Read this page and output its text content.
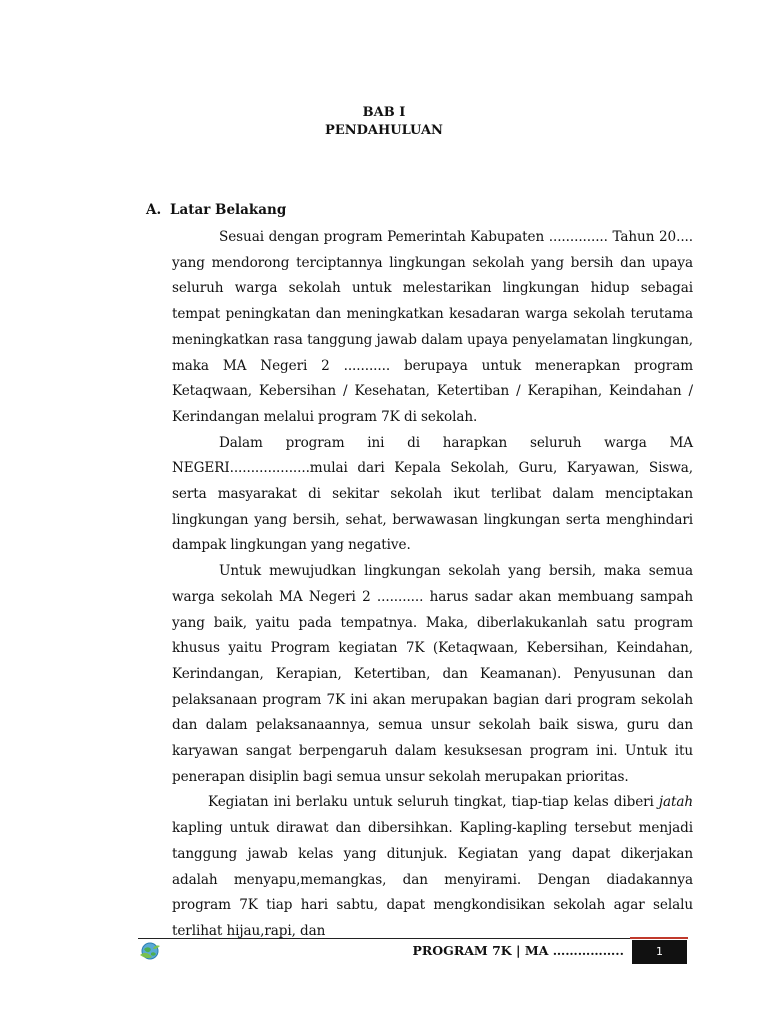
BAB I
PENDAHULUAN
A. Latar Belakang

Sesuai dengan program Pemerintah Kabupaten .............. Tahun 20.... yang mendorong terciptannya lingkungan sekolah yang bersih dan upaya seluruh warga sekolah untuk melestarikan lingkungan hidup sebagai tempat peningkatan dan meningkatkan kesadaran warga sekolah terutama meningkatkan rasa tanggung jawab dalam upaya penyelamatan lingkungan, maka MA Negeri 2 ........... berupaya untuk menerapkan program Ketaqwaan, Kebersihan / Kesehatan, Ketertiban / Kerapihan, Keindahan / Kerindangan melalui program 7K di sekolah.

Dalam program ini di harapkan seluruh warga MA NEGERI...................mulai dari Kepala Sekolah, Guru, Karyawan, Siswa, serta masyarakat di sekitar sekolah ikut terlibat dalam menciptakan lingkungan yang bersih, sehat, berwawasan lingkungan serta menghindari dampak lingkungan yang negative.

Untuk mewujudkan lingkungan sekolah yang bersih, maka semua warga sekolah MA Negeri 2 ........... harus sadar akan membuang sampah yang baik, yaitu pada tempatnya. Maka, diberlakukanlah satu program khusus yaitu Program kegiatan 7K (Ketaqwaan, Kebersihan, Keindahan, Kerindangan, Kerapian, Ketertiban, dan Keamanan). Penyusunan dan pelaksanaan program 7K ini akan merupakan bagian dari program sekolah dan dalam pelaksanaannya, semua unsur sekolah baik siswa, guru dan karyawan sangat berpengaruh dalam kesuksesan program ini. Untuk itu penerapan disiplin bagi semua unsur sekolah merupakan prioritas.

Kegiatan ini berlaku untuk seluruh tingkat, tiap-tiap kelas diberi jatah kapling untuk dirawat dan dibersihkan. Kapling-kapling tersebut menjadi tanggung jawab kelas yang ditunjuk. Kegiatan yang dapat dikerjakan adalah menyapu,memangkas, dan menyirami. Dengan diadakannya program 7K tiap hari sabtu, dapat mengkondisikan sekolah agar selalu terlihat hijau,rapi, dan

PROGRAM 7K | MA ……………..	1
